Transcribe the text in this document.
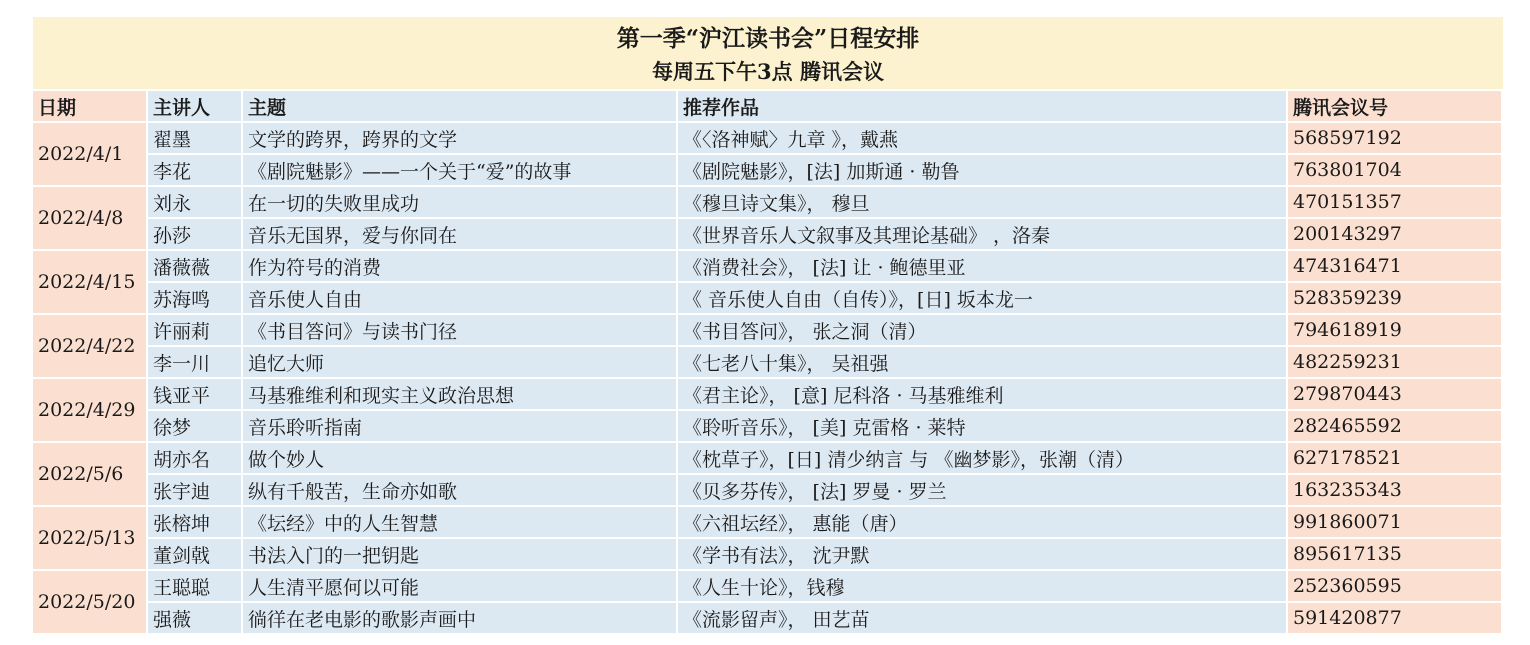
第一季“沪江读书会”日程安排
每周五下午3点 腾讯会议
日期	主讲人	主题	推荐作品	腾讯会议号
2022/4/1	翟墨	文学的跨界，跨界的文学	《〈洛神赋〉九章 》，戴燕	568597192
	李花	《剧院魅影》——一个关于“爱”的故事	《剧院魅影》，[法] 加斯通 · 勒鲁	763801704
2022/4/8	刘永	在一切的失败里成功	《穆旦诗文集》， 穆旦	470151357
	孙莎	音乐无国界，爱与你同在	《世界音乐人文叙事及其理论基础》 ，洛秦	200143297
2022/4/15	潘薇薇	作为符号的消费	《消费社会》， [法] 让 · 鲍德里亚	474316471
	苏海鸣	音乐使人自由	《 音乐使人自由（自传）》，[日] 坂本龙一	528359239
2022/4/22	许丽莉	《书目答问》与读书门径	《书目答问》， 张之洞（清）	794618919
	李一川	追忆大师	《七老八十集》， 吴祖强	482259231
2022/4/29	钱亚平	马基雅维利和现实主义政治思想	《君主论》， [意] 尼科洛 · 马基雅维利	279870443
	徐梦	音乐聆听指南	《聆听音乐》， [美] 克雷格 · 莱特	282465592
2022/5/6	胡亦名	做个妙人	《枕草子》，[日] 清少纳言 与 《幽梦影》，张潮（清）	627178521
	张宇迪	纵有千般苦，生命亦如歌	《贝多芬传》， [法] 罗曼 · 罗兰	163235343
2022/5/13	张榕坤	《坛经》中的人生智慧	《六祖坛经》， 惠能（唐）	991860071
	董剑戟	书法入门的一把钥匙	《学书有法》， 沈尹默	895617135
2022/5/20	王聪聪	人生清平愿何以可能	《人生十论》，钱穆	252360595
	强薇	徜徉在老电影的歌影声画中	《流影留声》， 田艺苗	591420877
